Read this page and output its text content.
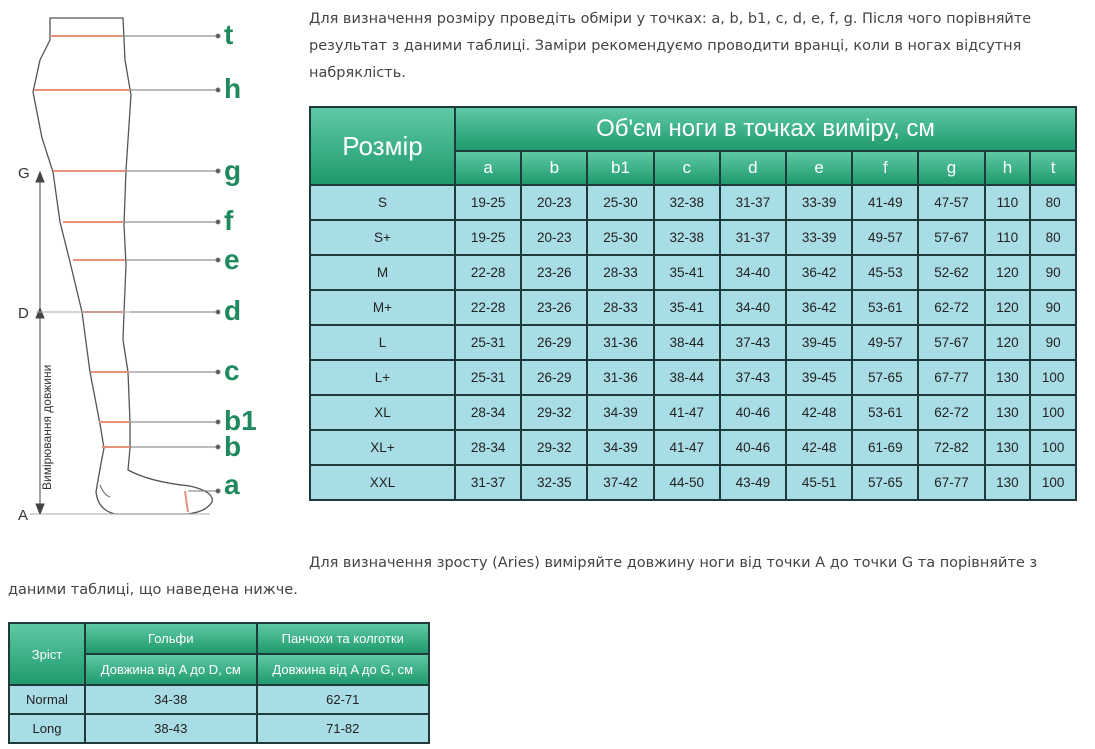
t
h
g
f
e
d
c
b1
b
a
G
D
A
Вимірювання довжини

Для визначення розміру проведіть обміри у точках: a, b, b1, c, d, e, f, g. Після чого порівняйте результат з даними таблиці. Заміри рекомендуємо проводити вранці, коли в ногах відсутня набряклість.

Розмір	Об'єм ноги в точках виміру, см									
	a	b	b1	c	d	e	f	g	h	t
S	19-25	20-23	25-30	32-38	31-37	33-39	41-49	47-57	110	80
S+	19-25	20-23	25-30	32-38	31-37	33-39	49-57	57-67	110	80
M	22-28	23-26	28-33	35-41	34-40	36-42	45-53	52-62	120	90
M+	22-28	23-26	28-33	35-41	34-40	36-42	53-61	62-72	120	90
L	25-31	26-29	31-36	38-44	37-43	39-45	49-57	57-67	120	90
L+	25-31	26-29	31-36	38-44	37-43	39-45	57-65	67-77	130	100
XL	28-34	29-32	34-39	41-47	40-46	42-48	53-61	62-72	130	100
XL+	28-34	29-32	34-39	41-47	40-46	42-48	61-69	72-82	130	100
XXL	31-37	32-35	37-42	44-50	43-49	45-51	57-65	67-77	130	100

Для визначення зросту (Aries) виміряйте довжину ноги від точки А до точки G та порівняйте з даними таблиці, що наведена нижче.

Зріст	Гольфи	Панчохи та колготки
	Довжина від A до D, см	Довжина від A до G, см
Normal	34-38	62-71
Long	38-43	71-82
